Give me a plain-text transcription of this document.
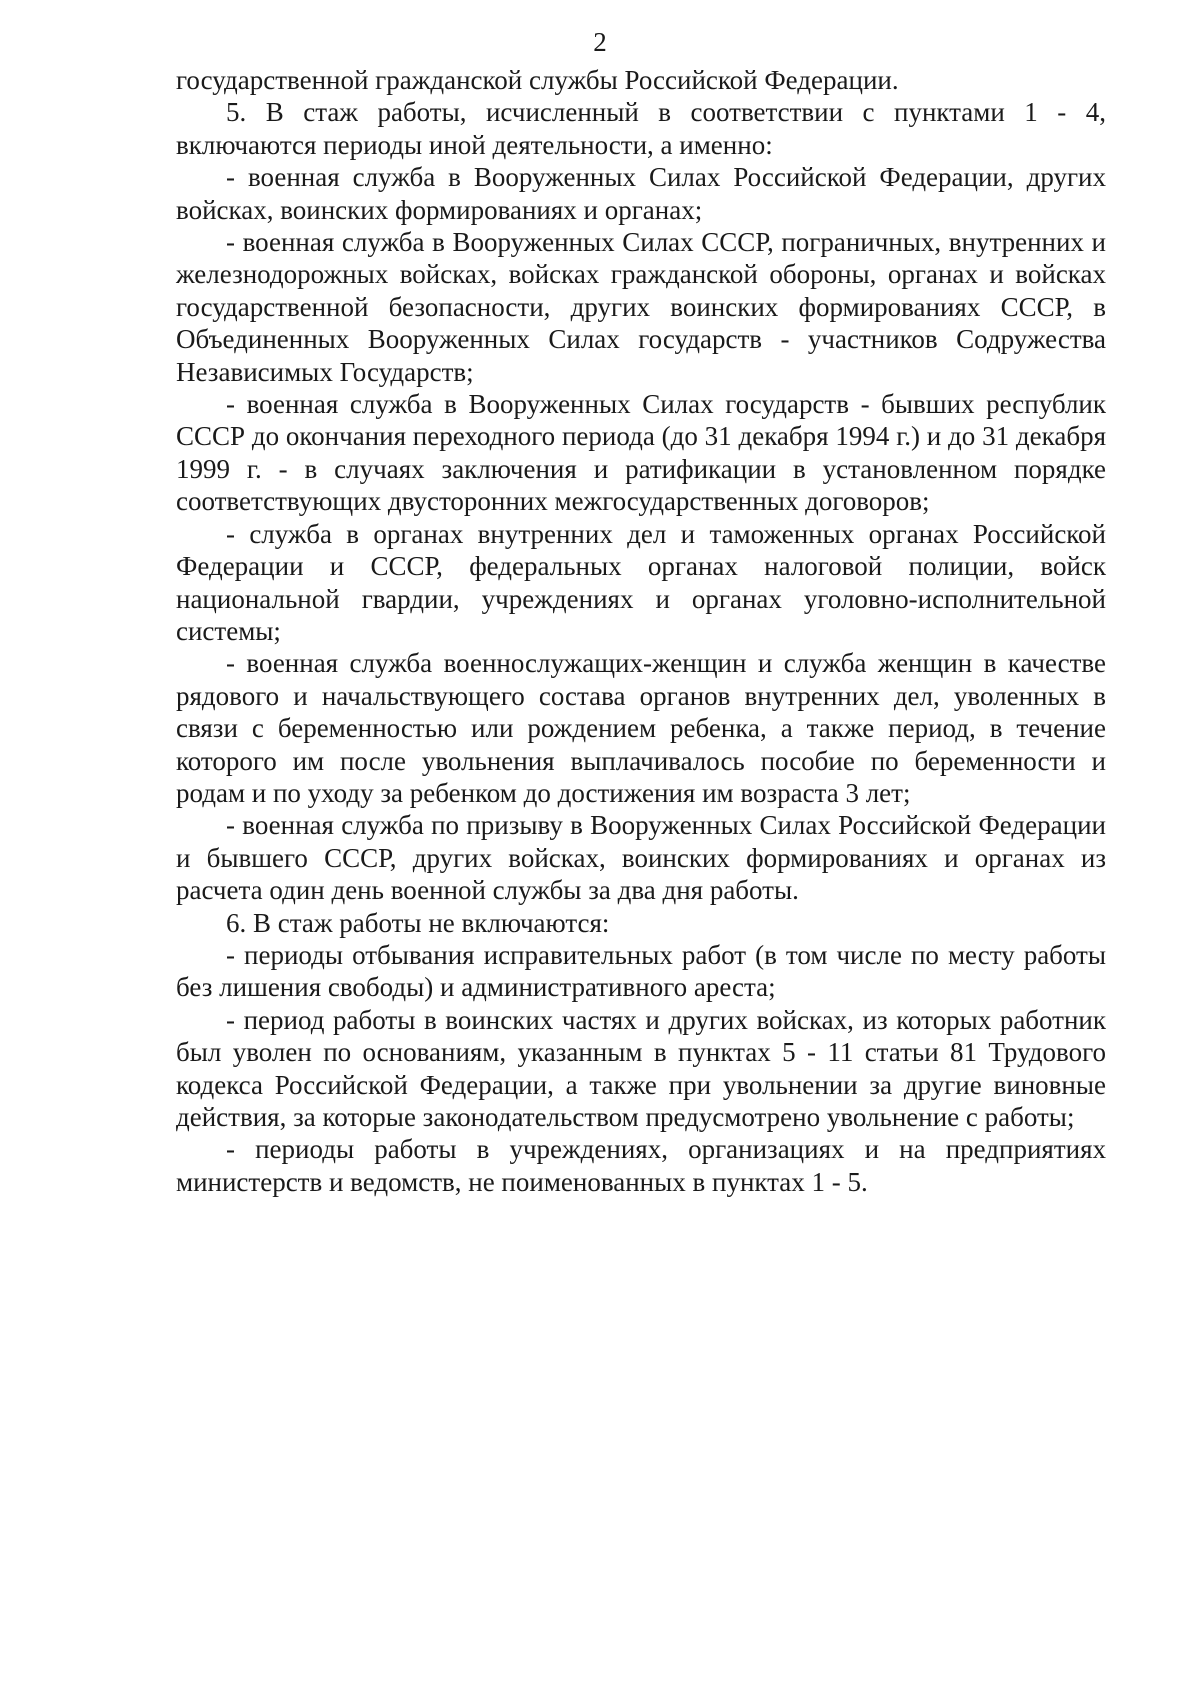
2

государственной гражданской службы Российской Федерации.

5. В стаж работы, исчисленный в соответствии с пунктами 1 - 4, включаются периоды иной деятельности, а именно:

- военная служба в Вооруженных Силах Российской Федерации, других войсках, воинских формированиях и органах;

- военная служба в Вооруженных Силах СССР, пограничных, внутренних и железнодорожных войсках, войсках гражданской обороны, органах и войсках государственной безопасности, других воинских формированиях СССР, в Объединенных Вооруженных Силах государств - участников Содружества Независимых Государств;

- военная служба в Вооруженных Силах государств - бывших республик СССР до окончания переходного периода (до 31 декабря 1994 г.) и до 31 декабря 1999 г. - в случаях заключения и ратификации в установленном порядке соответствующих двусторонних межгосударственных договоров;

- служба в органах внутренних дел и таможенных органах Российской Федерации и СССР, федеральных органах налоговой полиции, войск национальной гвардии, учреждениях и органах уголовно-исполнительной системы;

- военная служба военнослужащих-женщин и служба женщин в качестве рядового и начальствующего состава органов внутренних дел, уволенных в связи с беременностью или рождением ребенка, а также период, в течение которого им после увольнения выплачивалось пособие по беременности и родам и по уходу за ребенком до достижения им возраста 3 лет;

- военная служба по призыву в Вооруженных Силах Российской Федерации и бывшего СССР, других войсках, воинских формированиях и органах из расчета один день военной службы за два дня работы.

6. В стаж работы не включаются:

- периоды отбывания исправительных работ (в том числе по месту работы без лишения свободы) и административного ареста;

- период работы в воинских частях и других войсках, из которых работник был уволен по основаниям, указанным в пунктах 5 - 11 статьи 81 Трудового кодекса Российской Федерации, а также при увольнении за другие виновные действия, за которые законодательством предусмотрено увольнение с работы;

- периоды работы в учреждениях, организациях и на предприятиях министерств и ведомств, не поименованных в пунктах 1 - 5.
